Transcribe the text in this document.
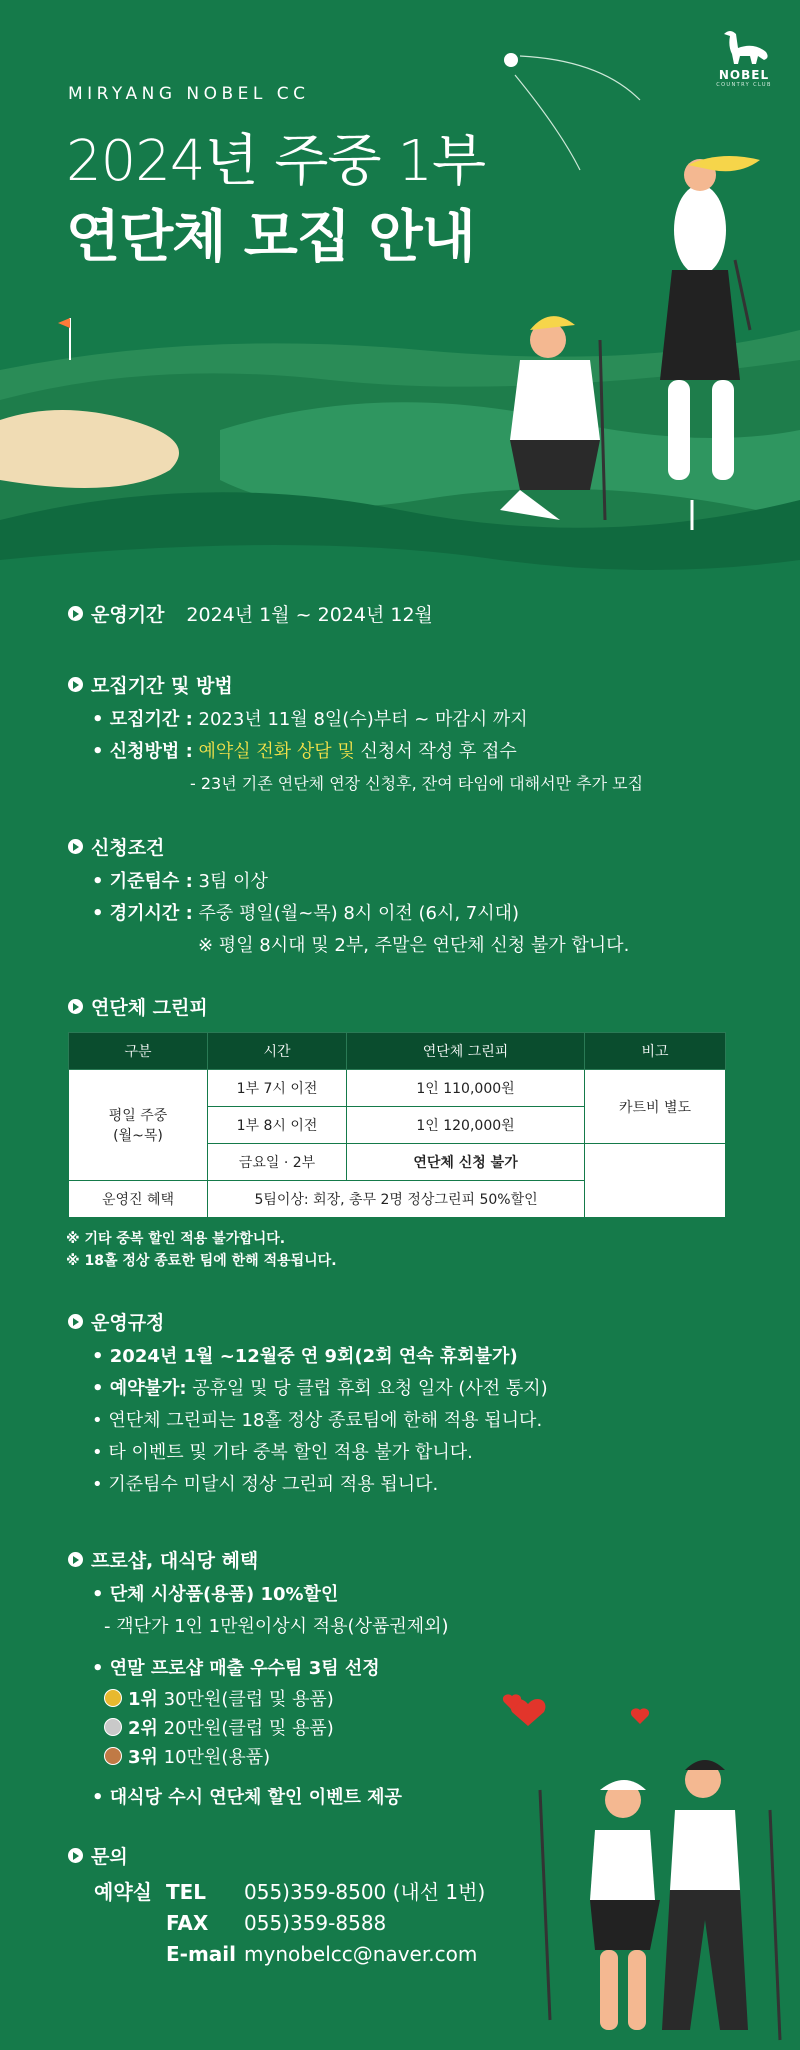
NOBEL
COUNTRY CLUB
MIRYANG NOBEL CC
2024년 주중 1부
연단체 모집 안내
운영기간 2024년 1월 ~ 2024년 12월
모집기간 및 방법
• 모집기간 : 2023년 11월 8일(수)부터 ~ 마감시 까지
• 신청방법 : 예약실 전화 상담 및 신청서 작성 후 접수
- 23년 기존 연단체 연장 신청후, 잔여 타임에 대해서만 추가 모집
신청조건
• 기준팀수 : 3팀 이상
• 경기시간 : 주중 평일(월~목) 8시 이전 (6시, 7시대)
※ 평일 8시대 및 2부, 주말은 연단체 신청 불가 합니다.
연단체 그린피
구분	시간	연단체 그린피	비고

평일 주중
(월~목)	1부 7시 이전	1인 110,000원	카트비 별도
	1부 8시 이전	1인 120,000원	
	금요일 · 2부	연단체 신청 불가	
운영진 혜택	5팀이상: 회장, 총무 2명 정상그린피 50%할인		
※ 기타 중복 할인 적용 불가합니다.
※ 18홀 정상 종료한 팀에 한해 적용됩니다.
운영규정
• 2024년 1월 ~12월중 연 9회(2회 연속 휴회불가)
• 예약불가: 공휴일 및 당 클럽 휴회 요청 일자 (사전 통지)
• 연단체 그린피는 18홀 정상 종료팀에 한해 적용 됩니다.
• 타 이벤트 및 기타 중복 할인 적용 불가 합니다.
• 기준팀수 미달시 정상 그린피 적용 됩니다.
프로샵, 대식당 혜택
• 단체 시상품(용품) 10%할인
- 객단가 1인 1만원이상시 적용(상품권제외)
• 연말 프로샵 매출 우수팀 3팀 선정
1위 30만원(클럽 및 용품)
2위 20만원(클럽 및 용품)
3위 10만원(용품)
• 대식당 수시 연단체 할인 이벤트 제공
문의
예약실 TEL	055)359-8500 (내선 1번)
FAX	055)359-8588
E-mail mynobelcc@naver.com
